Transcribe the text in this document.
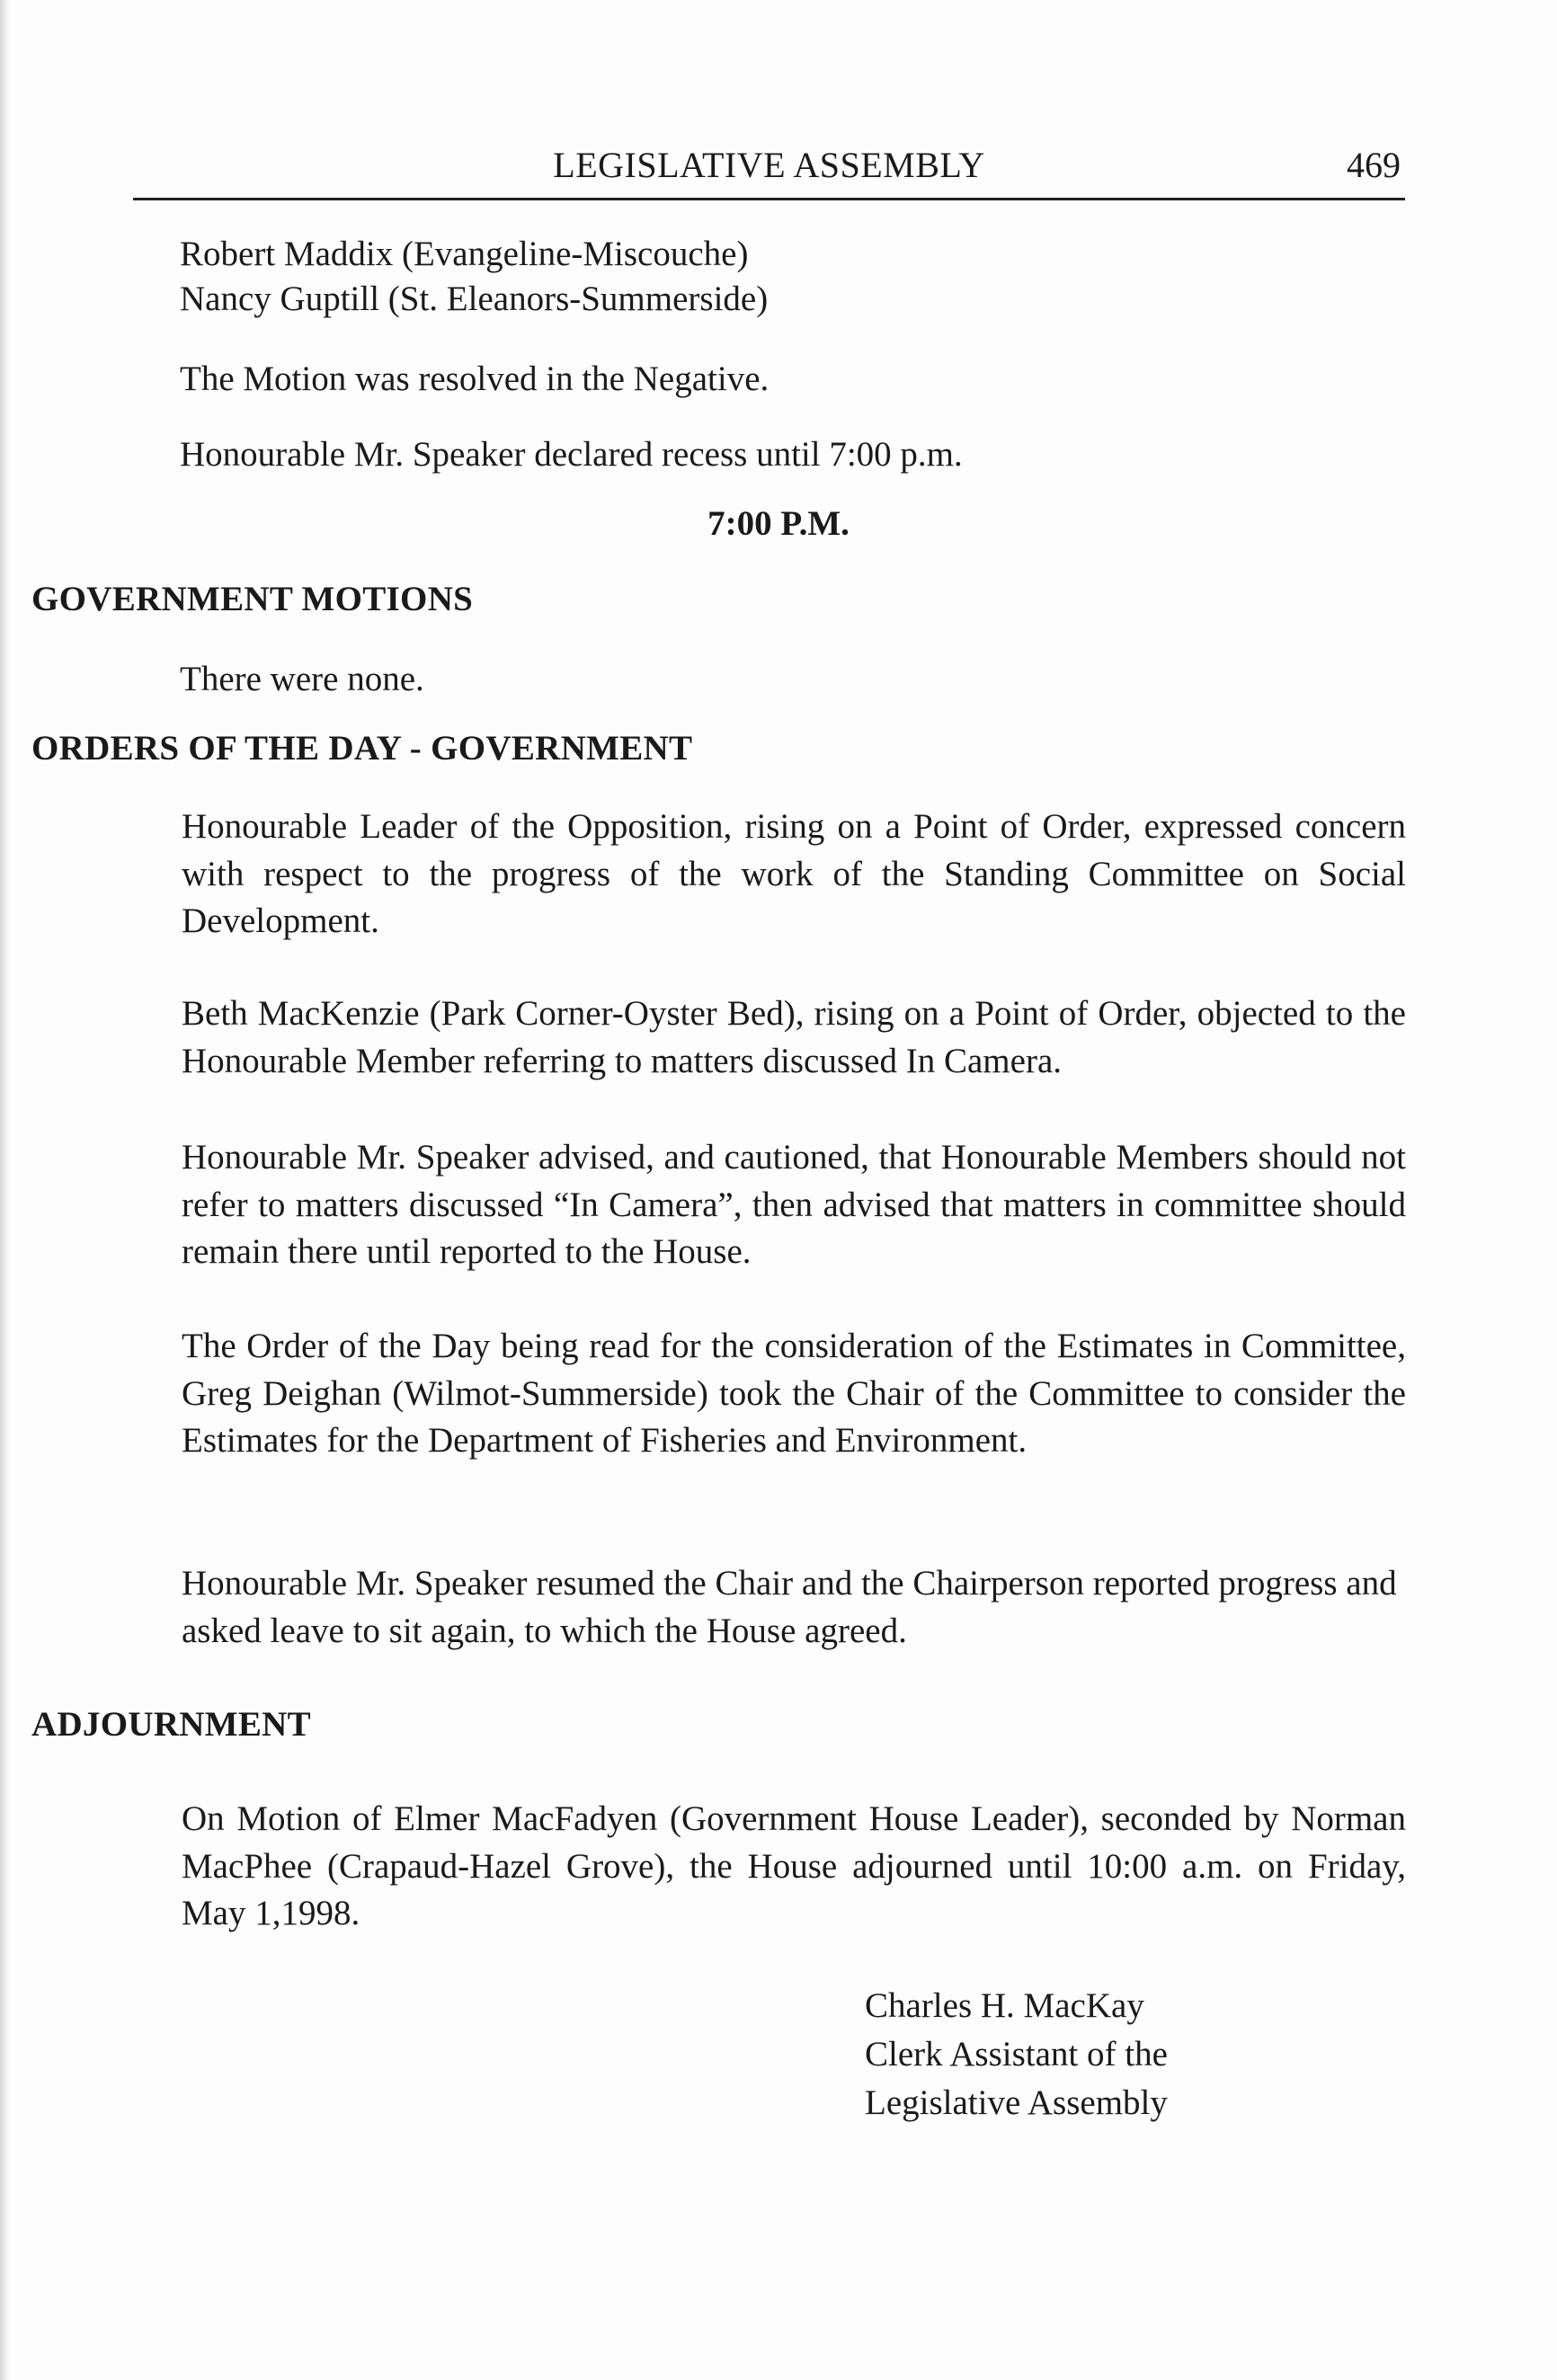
LEGISLATIVE ASSEMBLY	469
Robert Maddix (Evangeline-Miscouche)
Nancy Guptill (St. Eleanors-Summerside)
The Motion was resolved in the Negative.
Honourable Mr. Speaker declared recess until 7:00 p.m.
7:00 P.M.
GOVERNMENT MOTIONS
There were none.
ORDERS OF THE DAY - GOVERNMENT
Honourable Leader of the Opposition, rising on a Point of Order, expressed concern with respect to the progress of the work of the Standing Committee on Social Development.
Beth MacKenzie (Park Corner-Oyster Bed), rising on a Point of Order, objected to the Honourable Member referring to matters discussed In Camera.
Honourable Mr. Speaker advised, and cautioned, that Honourable Members should not refer to matters discussed “In Camera”, then advised that matters in committee should remain there until reported to the House.
The Order of the Day being read for the consideration of the Estimates in Committee, Greg Deighan (Wilmot-Summerside) took the Chair of the Committee to consider the Estimates for the Department of Fisheries and Environment.
Honourable Mr. Speaker resumed the Chair and the Chairperson reported progress and asked leave to sit again, to which the House agreed.
ADJOURNMENT
On Motion of Elmer MacFadyen (Government House Leader), seconded by Norman MacPhee (Crapaud-Hazel Grove), the House adjourned until 10:00 a.m. on Friday, May 1,1998.
Charles H. MacKay
Clerk Assistant of the
Legislative Assembly
